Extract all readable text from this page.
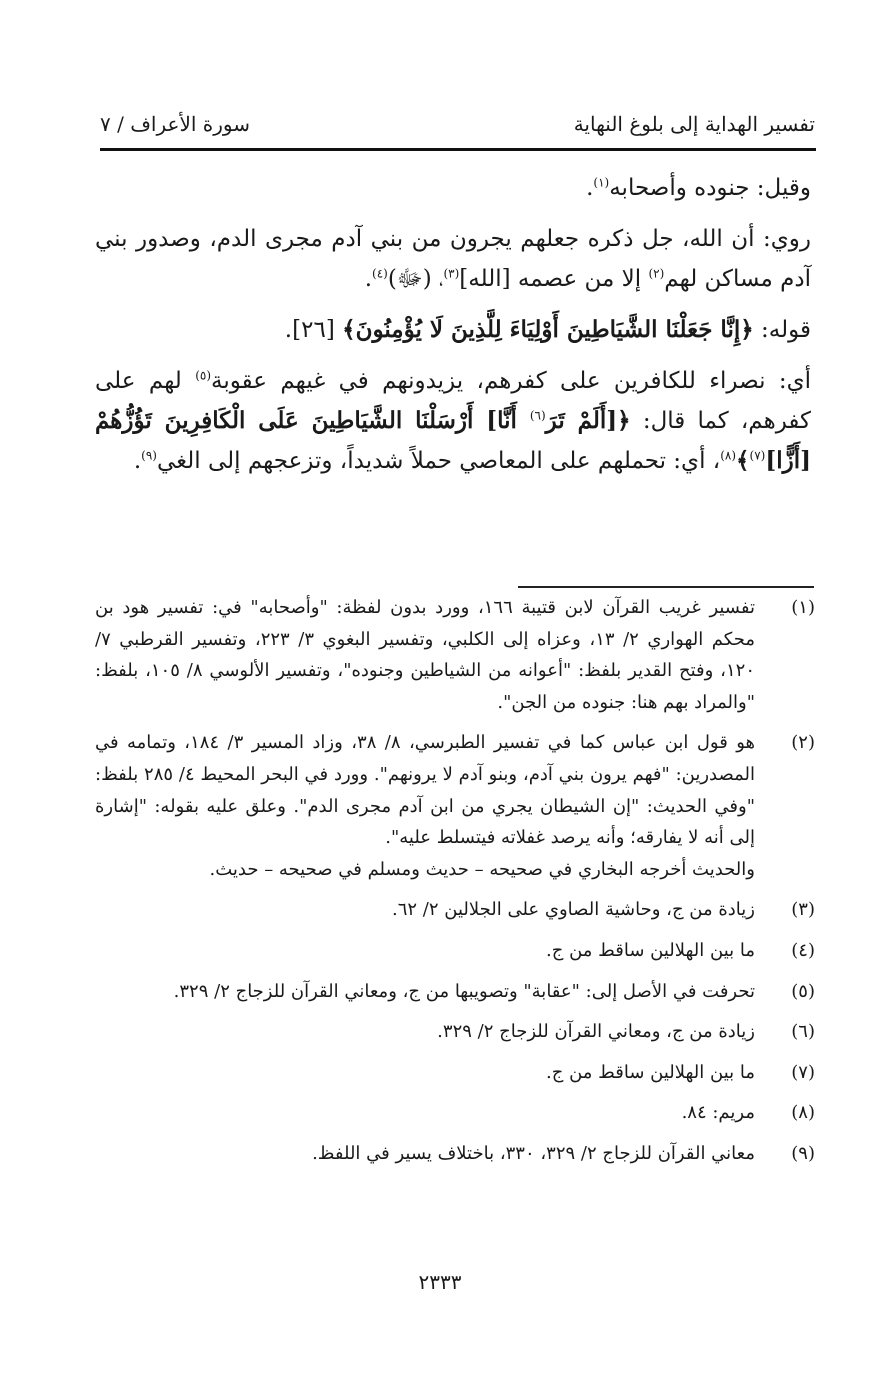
تفسير الهداية إلى بلوغ النهاية
سورة الأعراف / ٧

وقيل: جنوده وأصحابه$^{(١)}$.

روي: أن الله، جل ذكره جعلهم يجرون من بني آدم مجرى الدم، وصدور بني آدم مساكن لهم$^{(٢)}$ إلا من عصمه [الله]$^{(٣)}$، (ﷻ)$^{(٤)}$.

قوله: ﴿إِنَّا جَعَلْنَا الشَّيَاطِينَ أَوْلِيَاءَ لِلَّذِينَ لَا يُؤْمِنُونَ﴾ [٢٦].

أي: نصراء للكافرين على كفرهم، يزيدونهم في غيهم عقوبة$^{(٥)}$ لهم على كفرهم، كما قال: ﴿[أَلَمْ تَرَ$^{(٦)}$ أَنَّا] أَرْسَلْنَا الشَّيَاطِينَ عَلَى الْكَافِرِينَ تَؤُزُّهُمْ [أَزًّا]$^{(٧)}$﴾$^{(٨)}$، أي: تحملهم على المعاصي حملاً شديداً، وتزعجهم إلى الغي$^{(٩)}$.

(١)

تفسير غريب القرآن لابن قتيبة ١٦٦، وورد بدون لفظة: "وأصحابه" في: تفسير هود بن محكم الهواري ٢/ ١٣، وعزاه إلى الكلبي، وتفسير البغوي ٣/ ٢٢٣، وتفسير القرطبي ٧/ ١٢٠، وفتح القدير بلفظ: "أعوانه من الشياطين وجنوده"، وتفسير الألوسي ٨/ ١٠٥، بلفظ: "والمراد بهم هنا: جنوده من الجن".

(٢)

هو قول ابن عباس كما في تفسير الطبرسي، ٨/ ٣٨، وزاد المسير ٣/ ١٨٤، وتمامه في المصدرين: "فهم يرون بني آدم، وبنو آدم لا يرونهم". وورد في البحر المحيط ٤/ ٢٨٥ بلفظ: "وفي الحديث: "إن الشيطان يجري من ابن آدم مجرى الدم". وعلق عليه بقوله: "إشارة إلى أنه لا يفارقه؛ وأنه يرصد غفلاته فيتسلط عليه".

والحديث أخرجه البخاري في صحيحه – حديث ومسلم في صحيحه – حديث.

(٣)

زيادة من ج، وحاشية الصاوي على الجلالين ٢/ ٦٢.

(٤)

ما بين الهلالين ساقط من ج.

(٥)

تحرفت في الأصل إلى: "عقابة" وتصويبها من ج، ومعاني القرآن للزجاج ٢/ ٣٢٩.

(٦)

زيادة من ج، ومعاني القرآن للزجاج ٢/ ٣٢٩.

(٧)

ما بين الهلالين ساقط من ج.

(٨)

مريم: ٨٤.

(٩)

معاني القرآن للزجاج ٢/ ٣٢٩، ٣٣٠، باختلاف يسير في اللفظ.

٢٣٣٣
